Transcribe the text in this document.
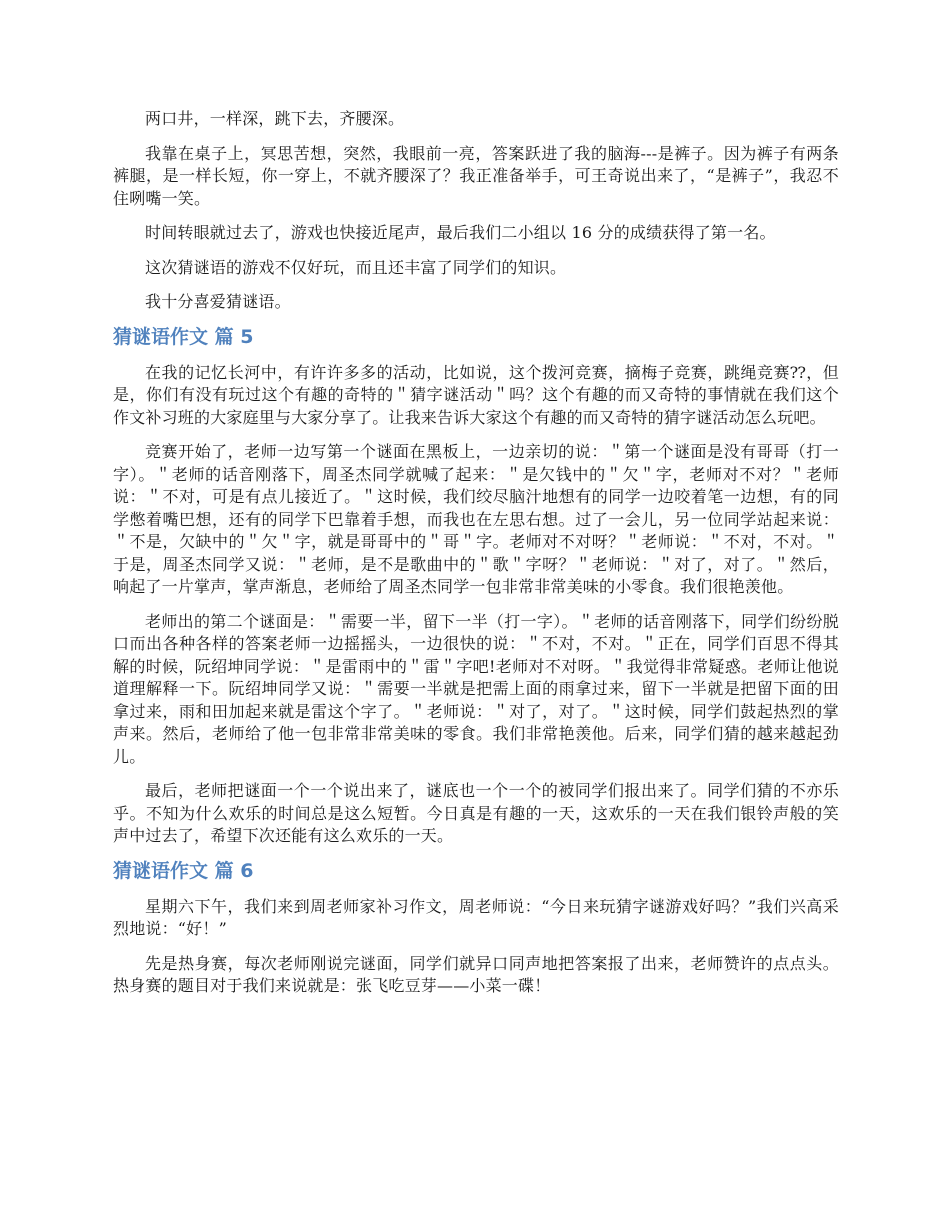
两口井，一样深，跳下去，齐腰深。

我靠在桌子上，冥思苦想，突然，我眼前一亮，答案跃进了我的脑海---是裤子。因为裤子有两条裤腿，是一样长短，你一穿上，不就齐腰深了？我正准备举手，可王奇说出来了，“是裤子”，我忍不住咧嘴一笑。

时间转眼就过去了，游戏也快接近尾声，最后我们二小组以 16 分的成绩获得了第一名。

这次猜谜语的游戏不仅好玩，而且还丰富了同学们的知识。

我十分喜爱猜谜语。

猜谜语作文 篇 5

在我的记忆长河中，有许许多多的活动，比如说，这个拨河竞赛，摘梅子竞赛，跳绳竞赛⁇，但是，你们有没有玩过这个有趣的奇特的＂猜字谜活动＂吗？这个有趣的而又奇特的事情就在我们这个作文补习班的大家庭里与大家分享了。让我来告诉大家这个有趣的而又奇特的猜字谜活动怎么玩吧。

竞赛开始了，老师一边写第一个谜面在黑板上，一边亲切的说：＂第一个谜面是没有哥哥（打一字）。＂老师的话音刚落下，周圣杰同学就喊了起来：＂是欠钱中的＂欠＂字，老师对不对？＂老师说：＂不对，可是有点儿接近了。＂这时候，我们绞尽脑汁地想有的同学一边咬着笔一边想，有的同学憋着嘴巴想，还有的同学下巴靠着手想，而我也在左思右想。过了一会儿，另一位同学站起来说：＂不是，欠缺中的＂欠＂字，就是哥哥中的＂哥＂字。老师对不对呀？＂老师说：＂不对，不对。＂于是，周圣杰同学又说：＂老师，是不是歌曲中的＂歌＂字呀？＂老师说：＂对了，对了。＂然后，响起了一片掌声，掌声渐息，老师给了周圣杰同学一包非常非常美味的小零食。我们很艳羡他。

老师出的第二个谜面是：＂需要一半，留下一半（打一字）。＂老师的话音刚落下，同学们纷纷脱口而出各种各样的答案老师一边摇摇头，一边很快的说：＂不对，不对。＂正在，同学们百思不得其解的时候，阮绍坤同学说：＂是雷雨中的＂雷＂字吧!老师对不对呀。＂我觉得非常疑惑。老师让他说道理解释一下。阮绍坤同学又说：＂需要一半就是把需上面的雨拿过来，留下一半就是把留下面的田拿过来，雨和田加起来就是雷这个字了。＂老师说：＂对了，对了。＂这时候，同学们鼓起热烈的掌声来。然后，老师给了他一包非常非常美味的零食。我们非常艳羡他。后来，同学们猜的越来越起劲儿。

最后，老师把谜面一个一个说出来了，谜底也一个一个的被同学们报出来了。同学们猜的不亦乐乎。不知为什么欢乐的时间总是这么短暂。今日真是有趣的一天，这欢乐的一天在我们银铃声般的笑声中过去了，希望下次还能有这么欢乐的一天。

猜谜语作文 篇 6

星期六下午，我们来到周老师家补习作文，周老师说：“今日来玩猜字谜游戏好吗？”我们兴高采烈地说：“好！”

先是热身赛，每次老师刚说完谜面，同学们就异口同声地把答案报了出来，老师赞许的点点头。热身赛的题目对于我们来说就是：张飞吃豆芽——小菜一碟！
